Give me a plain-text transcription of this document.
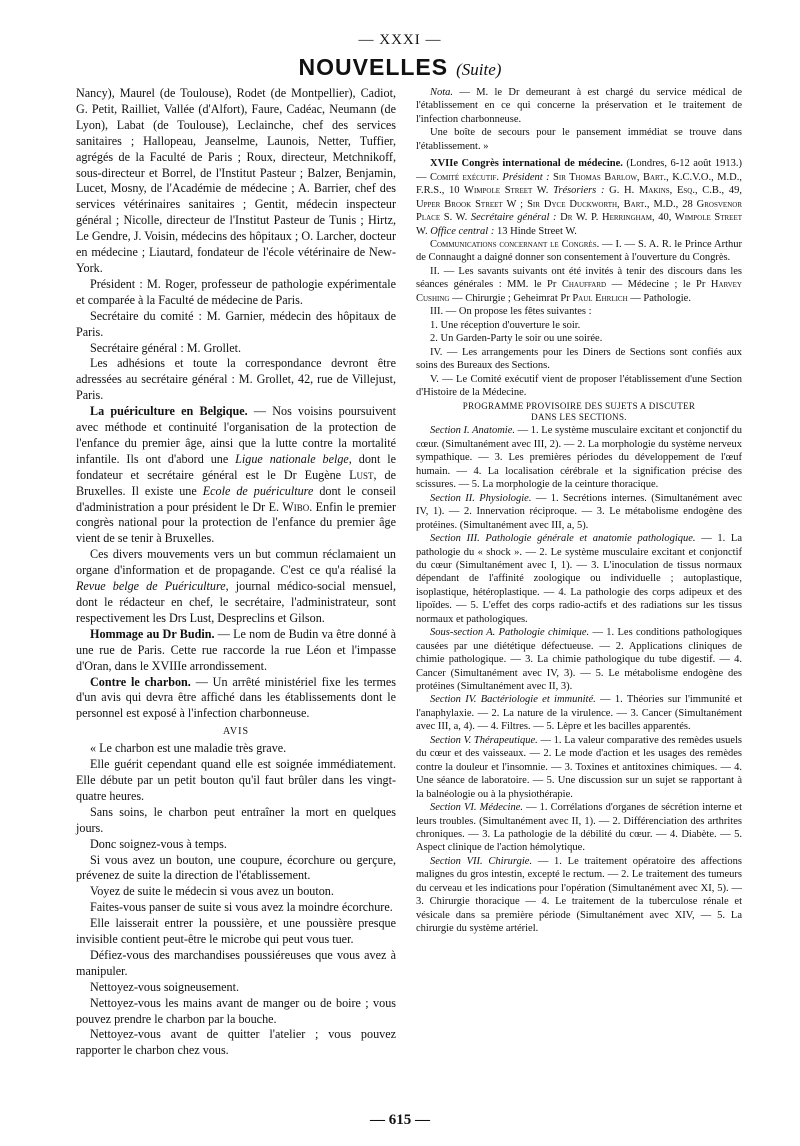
— XXXI —
NOUVELLES (Suite)

Nancy), Maurel (de Toulouse), Rodet (de Montpellier), Cadiot, G. Petit, Railliet, Vallée (d'Alfort), Faure, Cadéac, Neumann (de Lyon), Labat (de Toulouse), Leclainche, chef des services sanitaires ; Hallopeau, Jeanselme, Launois, Netter, Tuffier, agrégés de la Faculté de Paris ; Roux, directeur, Metchnikoff, sous-directeur et Borrel, de l'Institut Pasteur ; Balzer, Benjamin, Lucet, Mosny, de l'Académie de médecine ; A. Barrier, chef des services vétérinaires sanitaires ; Gentit, médecin inspecteur général ; Nicolle, directeur de l'Institut Pasteur de Tunis ; Hirtz, Le Gendre, J. Voisin, médecins des hôpitaux ; O. Larcher, docteur en médecine ; Liautard, fondateur de l'école vétérinaire de New-York.

Président : M. Roger, professeur de pathologie expérimentale et comparée à la Faculté de médecine de Paris.

Secrétaire du comité : M. Garnier, médecin des hôpitaux de Paris.

Secrétaire général : M. Grollet.

Les adhésions et toute la correspondance devront être adressées au secrétaire général : M. Grollet, 42, rue de Villejust, Paris.

La puériculture en Belgique. — Nos voisins poursuivent avec méthode et continuité l'organisation de la protection de l'enfance du premier âge, ainsi que la lutte contre la mortalité infantile. Ils ont d'abord une Ligue nationale belge, dont le fondateur et secrétaire général est le Dr Eugène Lust, de Bruxelles. Il existe une Ecole de puériculture dont le conseil d'administration a pour président le Dr E. Wibo. Enfin le premier congrès national pour la protection de l'enfance du premier âge vient de se tenir à Bruxelles.

Ces divers mouvements vers un but commun réclamaient un organe d'information et de propagande. C'est ce qu'a réalisé la Revue belge de Puériculture, journal médico-social mensuel, dont le rédacteur en chef, le secrétaire, l'administrateur, sont respectivement les Drs Lust, Despreclins et Gilson.

Hommage au Dr Budin. — Le nom de Budin va être donné à une rue de Paris. Cette rue raccorde la rue Léon et l'impasse d'Oran, dans le XVIIIe arrondissement.

Contre le charbon. — Un arrêté ministériel fixe les termes d'un avis qui devra être affiché dans les établissements dont le personnel est exposé à l'infection charbonneuse.

AVIS

« Le charbon est une maladie très grave.

Elle guérit cependant quand elle est soignée immédiatement. Elle débute par un petit bouton qu'il faut brûler dans les vingt-quatre heures.

Sans soins, le charbon peut entraîner la mort en quelques jours.

Donc soignez-vous à temps.

Si vous avez un bouton, une coupure, écorchure ou gerçure, prévenez de suite la direction de l'établissement.

Voyez de suite le médecin si vous avez un bouton.

Faites-vous panser de suite si vous avez la moindre écorchure.

Elle laisserait entrer la poussière, et une poussière presque invisible contient peut-être le microbe qui peut vous tuer.

Défiez-vous des marchandises poussiéreuses que vous avez à manipuler.

Nettoyez-vous soigneusement.

Nettoyez-vous les mains avant de manger ou de boire ; vous pouvez prendre le charbon par la bouche.

Nettoyez-vous avant de quitter l'atelier ; vous pouvez rapporter le charbon chez vous.

Nota. — M. le Dr demeurant à est chargé du service médical de l'établissement en ce qui concerne la préservation et le traitement de l'infection charbonneuse.

Une boîte de secours pour le pansement immédiat se trouve dans l'établissement. »

XVIIe Congrès international de médecine. (Londres, 6-12 août 1913.) — Comité exécutif. Président : Sir Thomas Barlow, Bart., K.C.V.O., M.D., F.R.S., 10 Wimpole Street W. Trésoriers : G. H. Makins, Esq., C.B., 49, Upper Brook Street W ; Sir Dyce Duckworth, Bart., M.D., 28 Grosvenor Place S. W. Secrétaire général : Dr W. P. Herringham, 40, Wimpole Street W. Office central : 13 Hinde Street W.

Communications concernant le Congrès. — I. — S. A. R. le Prince Arthur de Connaught a daigné donner son consentement à l'ouverture du Congrès.

II. — Les savants suivants ont été invités à tenir des discours dans les séances générales : MM. le Pr Chauffard — Médecine ; le Pr Harvey Cushing — Chirurgie ; Geheimrat Pr Paul Ehrlich — Pathologie.

III. — On propose les fêtes suivantes :

1. Une réception d'ouverture le soir.

2. Un Garden-Party le soir ou une soirée.

IV. — Les arrangements pour les Diners de Sections sont confiés aux soins des Bureaux des Sections.

V. — Le Comité exécutif vient de proposer l'établissement d'une Section d'Histoire de la Médecine.

PROGRAMME PROVISOIRE DES SUJETS A DISCUTER
DANS LES SECTIONS.

Section I. Anatomie. — 1. Le système musculaire excitant et conjonctif du cœur. (Simultanément avec III, 2). — 2. La morphologie du système nerveux sympathique. — 3. Les premières périodes du développement de l'œuf humain. — 4. La localisation cérébrale et la signification précise des scissures. — 5. La morphologie de la ceinture thoracique.

Section II. Physiologie. — 1. Secrétions internes. (Simultanément avec IV, 1). — 2. Innervation réciproque. — 3. Le métabolisme endogène des protéines. (Simultanément avec III, a, 5).

Section III. Pathologie générale et anatomie pathologique. — 1. La pathologie du « shock ». — 2. Le système musculaire excitant et conjonctif du cœur (Simultanément avec I, 1). — 3. L'inoculation de tissus normaux dépendant de l'affinité zoologique ou individuelle ; autoplastique, isoplastique, hétéroplastique. — 4. La pathologie des corps adipeux et des lipoïdes. — 5. L'effet des corps radio-actifs et des radiations sur les tissus normaux et pathologiques.

Sous-section A. Pathologie chimique. — 1. Les conditions pathologiques causées par une diététique défectueuse. — 2. Applications cliniques de chimie pathologique. — 3. La chimie pathologique du tube digestif. — 4. Cancer (Simultanément avec IV, 3). — 5. Le métabolisme endogène des protéines (Simultanément avec II, 3).

Section IV. Bactériologie et immunité. — 1. Théories sur l'immunité et l'anaphylaxie. — 2. La nature de la virulence. — 3. Cancer (Simultanément avec III, a, 4). — 4. Filtres. — 5. Lèpre et les bacilles apparentés.

Section V. Thérapeutique. — 1. La valeur comparative des remèdes usuels du cœur et des vaisseaux. — 2. Le mode d'action et les usages des remèdes contre la douleur et l'insomnie. — 3. Toxines et antitoxines chimiques. — 4. Une séance de laboratoire. — 5. Une discussion sur un sujet se rapportant à la balnéologie ou à la physiothérapie.

Section VI. Médecine. — 1. Corrélations d'organes de sécrétion interne et leurs troubles. (Simultanément avec II, 1). — 2. Différenciation des arthrites chroniques. — 3. La pathologie de la débilité du cœur. — 4. Diabète. — 5. Aspect clinique de l'action hémolytique.

Section VII. Chirurgie. — 1. Le traitement opératoire des affections malignes du gros intestin, excepté le rectum. — 2. Le traitement des tumeurs du cerveau et les indications pour l'opération (Simultanément avec XI, 5). — 3. Chirurgie thoracique — 4. Le traitement de la tuberculose rénale et vésicale dans sa première période (Simultanément avec XIV, — 5. La chirurgie du système artériel.

— 615 —
